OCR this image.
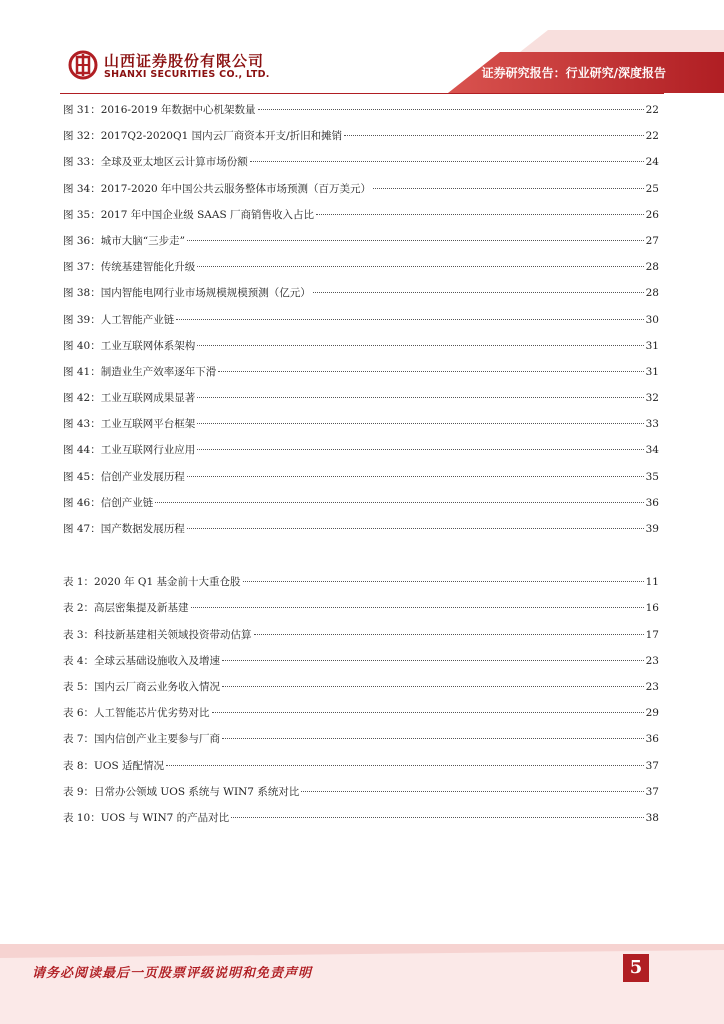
山西证券股份有限公司
SHANXI SECURITIES CO., LTD.	证券研究报告：行业研究/深度报告
图 31：2016-2019 年数据中心机架数量	22
图 32：2017Q2-2020Q1 国内云厂商资本开支/折旧和摊销	22
图 33：全球及亚太地区云计算市场份额	24
图 34：2017-2020 年中国公共云服务整体市场预测（百万美元）	25
图 35：2017 年中国企业级 SAAS 厂商销售收入占比	26
图 36：城市大脑“三步走”	27
图 37：传统基建智能化升级	28
图 38：国内智能电网行业市场规模规模预测（亿元）	28
图 39：人工智能产业链	30
图 40：工业互联网体系架构	31
图 41：制造业生产效率逐年下滑	31
图 42：工业互联网成果显著	32
图 43：工业互联网平台框架	33
图 44：工业互联网行业应用	34
图 45：信创产业发展历程	35
图 46：信创产业链	36
图 47：国产数据发展历程	39
表 1：2020 年 Q1 基金前十大重仓股	11
表 2：高层密集提及新基建	16
表 3：科技新基建相关领域投资带动估算	17
表 4：全球云基础设施收入及增速	23
表 5：国内云厂商云业务收入情况	23
表 6：人工智能芯片优劣势对比	29
表 7：国内信创产业主要参与厂商	36
表 8：UOS 适配情况	37
表 9：日常办公领域 UOS 系统与 WIN7 系统对比	37
表 10：UOS 与 WIN7 的产品对比	38
请务必阅读最后一页股票评级说明和免责声明	5
